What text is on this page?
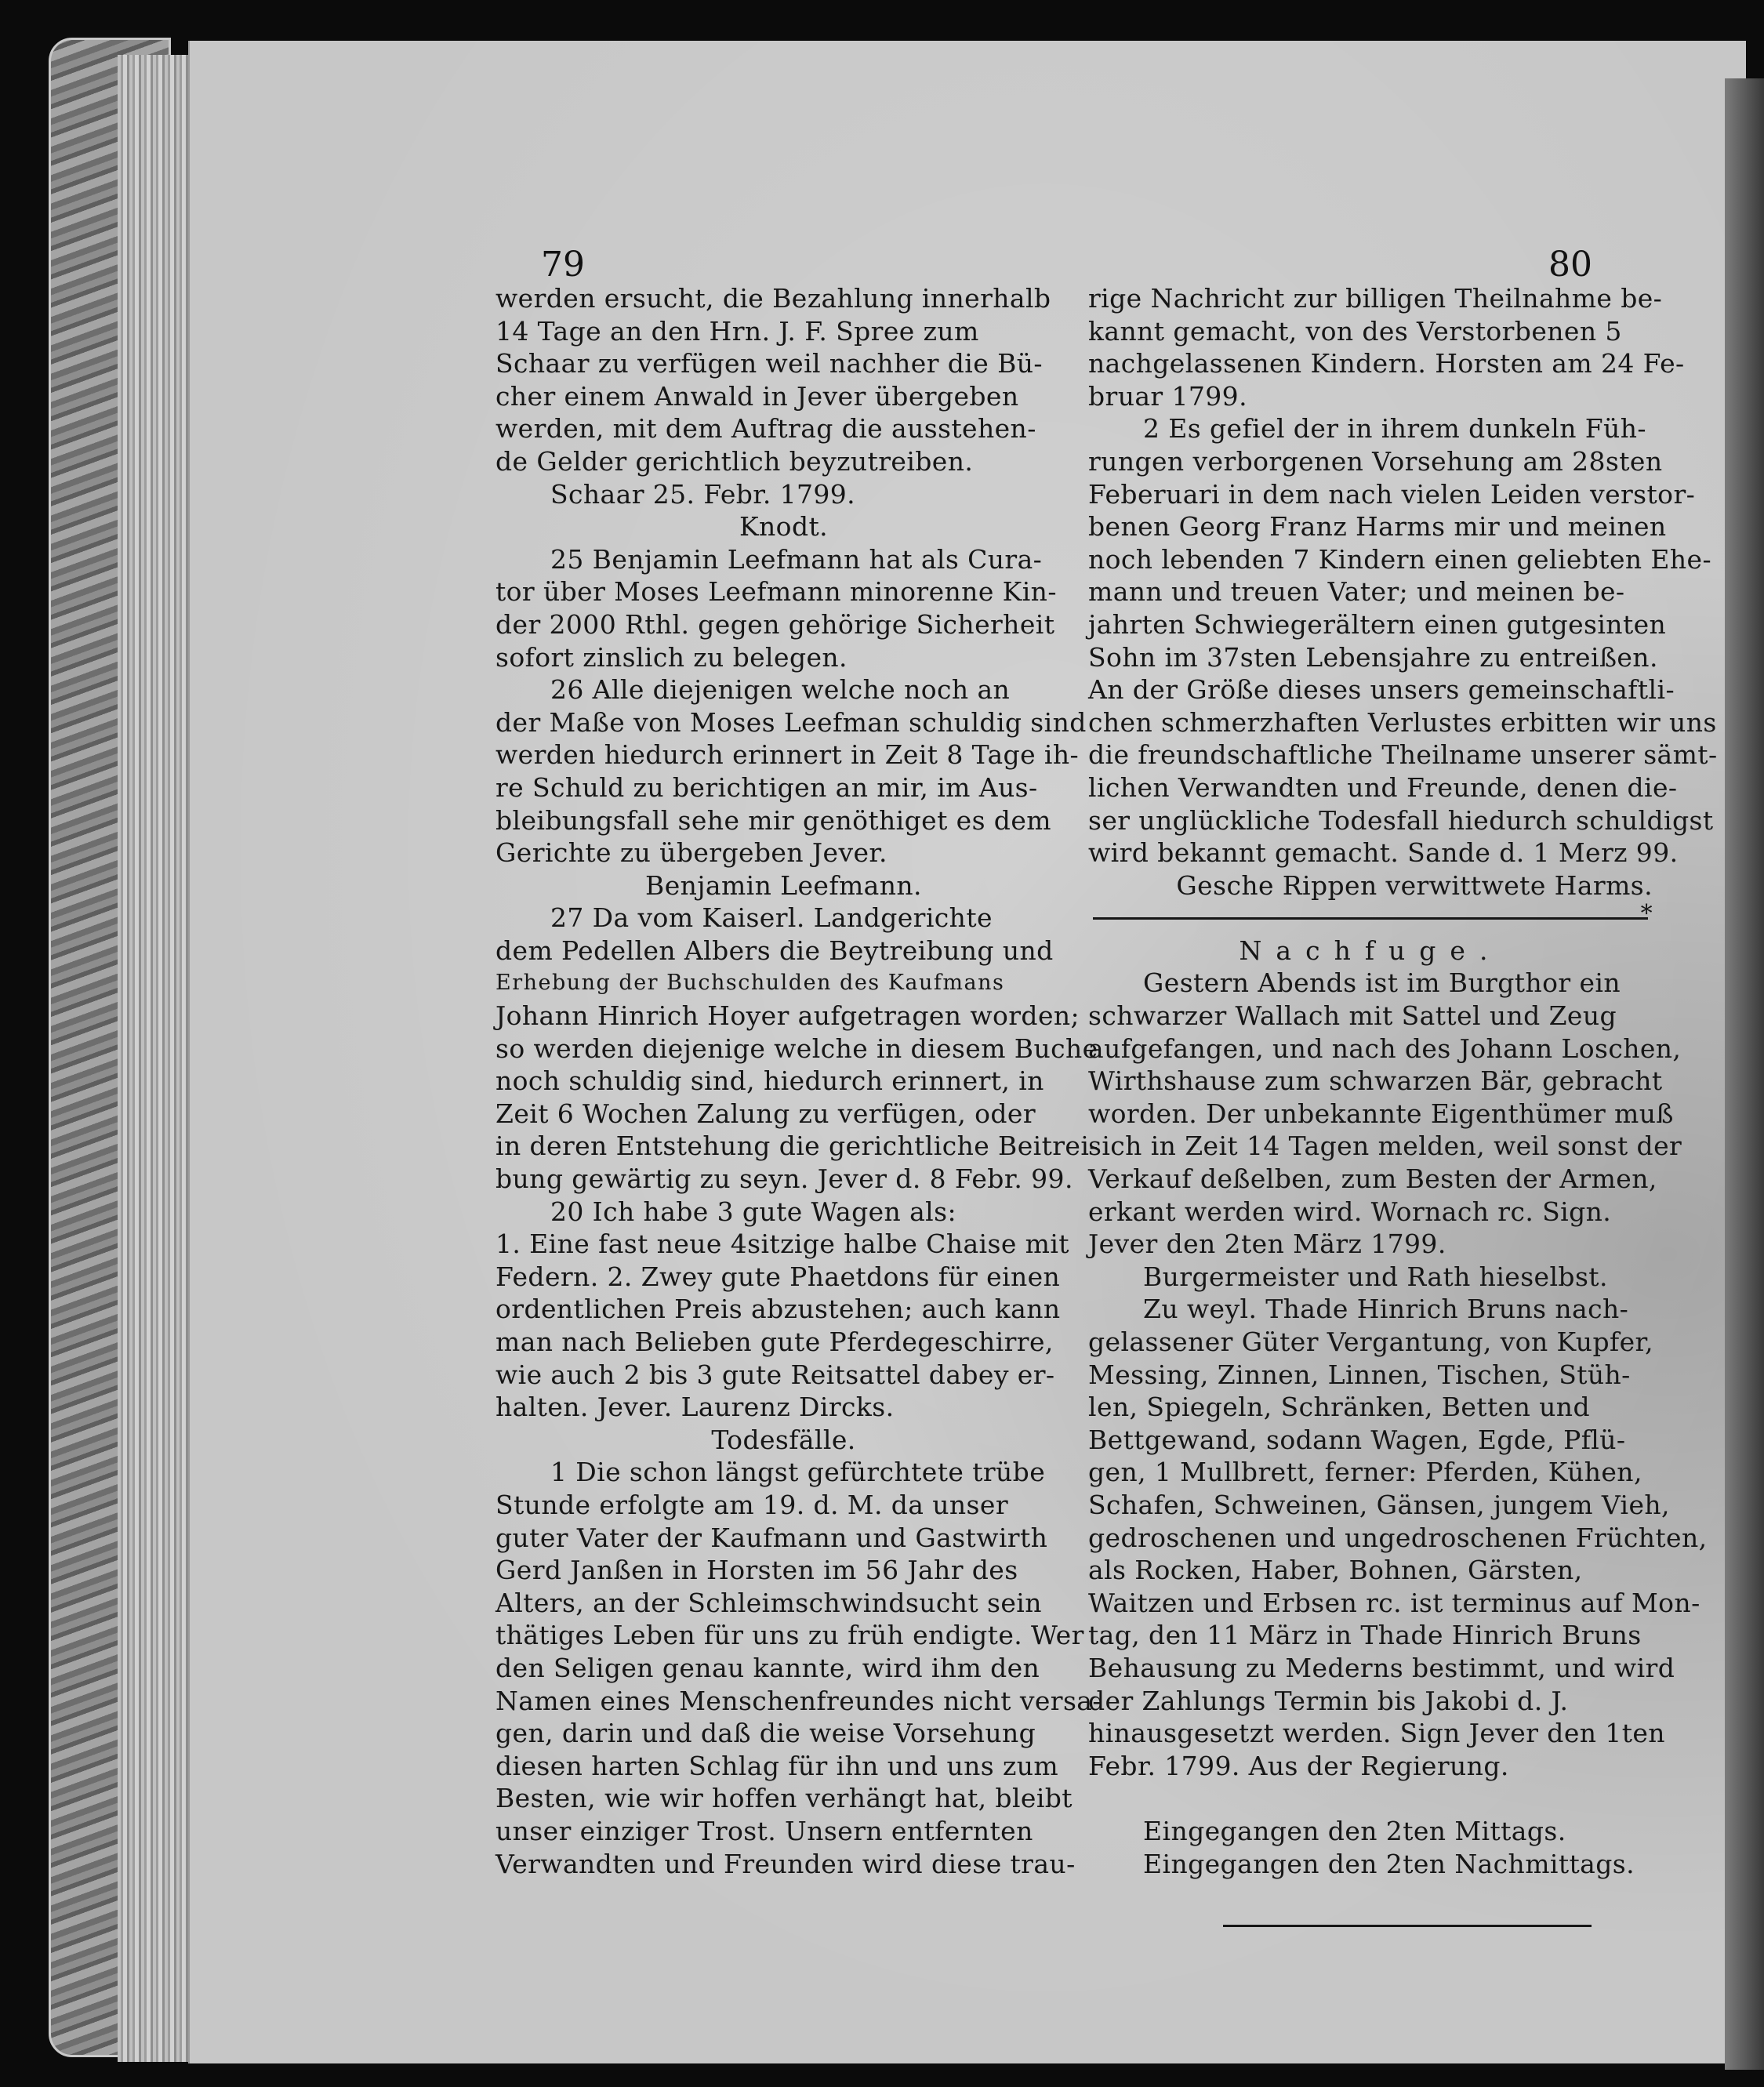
79	80
werden ersucht, die Bezahlung innerhalb
14 Tage an den Hrn. J. F. Spree zum
Schaar zu verfügen weil nachher die Bü-
cher einem Anwald in Jever übergeben
werden, mit dem Auftrag die ausstehen-
de Gelder gerichtlich beyzutreiben.
Schaar 25. Febr. 1799.
Knodt.
25 Benjamin Leefmann hat als Cura-
tor über Moses Leefmann minorenne Kin-
der 2000 Rthl. gegen gehörige Sicherheit
sofort zinslich zu belegen.
26 Alle diejenigen welche noch an
der Maße von Moses Leefman schuldig sind
werden hiedurch erinnert in Zeit 8 Tage ih-
re Schuld zu berichtigen an mir, im Aus-
bleibungsfall sehe mir genöthiget es dem
Gerichte zu übergeben Jever.
Benjamin Leefmann.
27 Da vom Kaiserl. Landgerichte
dem Pedellen Albers die Beytreibung und
Erhebung der Buchschulden des Kaufmans
Johann Hinrich Hoyer aufgetragen worden;
so werden diejenige welche in diesem Buche
noch schuldig sind, hiedurch erinnert, in
Zeit 6 Wochen Zalung zu verfügen, oder
in deren Entstehung die gerichtliche Beitrei-
bung gewärtig zu seyn. Jever d. 8 Febr. 99.
20 Ich habe 3 gute Wagen als:
1. Eine fast neue 4sitzige halbe Chaise mit
Federn. 2. Zwey gute Phaetdons für einen
ordentlichen Preis abzustehen; auch kann
man nach Belieben gute Pferdegeschirre,
wie auch 2 bis 3 gute Reitsattel dabey er-
halten. Jever. Laurenz Dircks.
Todesfälle.
1 Die schon längst gefürchtete trübe
Stunde erfolgte am 19. d. M. da unser
guter Vater der Kaufmann und Gastwirth
Gerd Janßen in Horsten im 56 Jahr des
Alters, an der Schleimschwindsucht sein
thätiges Leben für uns zu früh endigte. Wer
den Seligen genau kannte, wird ihm den
Namen eines Menschenfreundes nicht versa-
gen, darin und daß die weise Vorsehung
diesen harten Schlag für ihn und uns zum
Besten, wie wir hoffen verhängt hat, bleibt
unser einziger Trost. Unsern entfernten
Verwandten und Freunden wird diese trau-
rige Nachricht zur billigen Theilnahme be-
kannt gemacht, von des Verstorbenen 5
nachgelassenen Kindern. Horsten am 24 Fe-
bruar 1799.
2 Es gefiel der in ihrem dunkeln Füh-
rungen verborgenen Vorsehung am 28sten
Feberuari in dem nach vielen Leiden verstor-
benen Georg Franz Harms mir und meinen
noch lebenden 7 Kindern einen geliebten Ehe-
mann und treuen Vater; und meinen be-
jahrten Schwiegerältern einen gutgesinten
Sohn im 37sten Lebensjahre zu entreißen.
An der Größe dieses unsers gemeinschaftli-
chen schmerzhaften Verlustes erbitten wir uns
die freundschaftliche Theilname unserer sämt-
lichen Verwandten und Freunde, denen die-
ser unglückliche Todesfall hiedurch schuldigst
wird bekannt gemacht. Sande d. 1 Merz 99.
Gesche Rippen verwittwete Harms.
*
Nachfuge.
Gestern Abends ist im Burgthor ein
schwarzer Wallach mit Sattel und Zeug
aufgefangen, und nach des Johann Loschen,
Wirthshause zum schwarzen Bär, gebracht
worden. Der unbekannte Eigenthümer muß
sich in Zeit 14 Tagen melden, weil sonst der
Verkauf deßelben, zum Besten der Armen,
erkant werden wird. Wornach rc. Sign.
Jever den 2ten März 1799.
Burgermeister und Rath hieselbst.
Zu weyl. Thade Hinrich Bruns nach-
gelassener Güter Vergantung, von Kupfer,
Messing, Zinnen, Linnen, Tischen, Stüh-
len, Spiegeln, Schränken, Betten und
Bettgewand, sodann Wagen, Egde, Pflü-
gen, 1 Mullbrett, ferner: Pferden, Kühen,
Schafen, Schweinen, Gänsen, jungem Vieh,
gedroschenen und ungedroschenen Früchten,
als Rocken, Haber, Bohnen, Gärsten,
Waitzen und Erbsen rc. ist terminus auf Mon-
tag, den 11 März in Thade Hinrich Bruns
Behausung zu Mederns bestimmt, und wird
der Zahlungs Termin bis Jakobi d. J.
hinausgesetzt werden. Sign Jever den 1ten
Febr. 1799. Aus der Regierung.
Eingegangen den 2ten Mittags.
Eingegangen den 2ten Nachmittags.
